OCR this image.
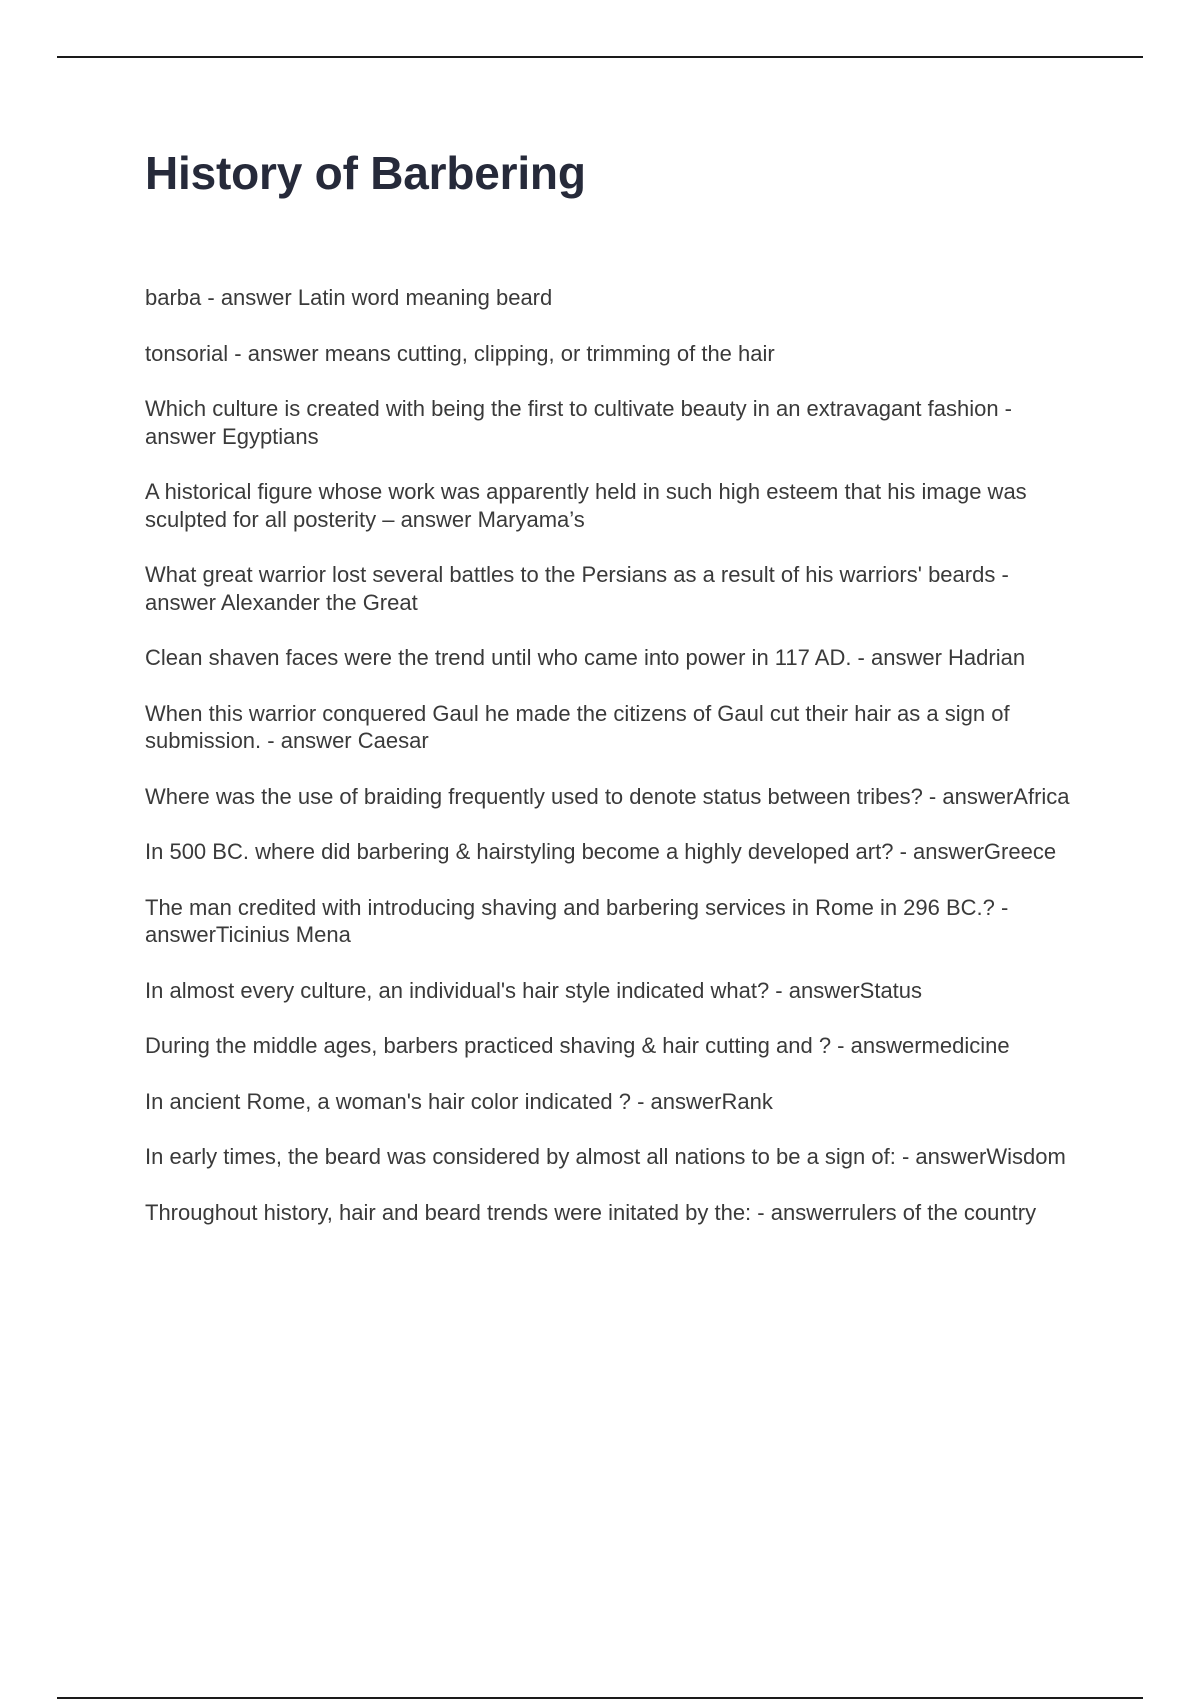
History of Barbering
barba - answer Latin word meaning beard
tonsorial - answer means cutting, clipping, or trimming of the hair
Which culture is created with being the first to cultivate beauty in an extravagant fashion - answer Egyptians
A historical figure whose work was apparently held in such high esteem that his image was sculpted for all posterity – answer Maryama’s
What great warrior lost several battles to the Persians as a result of his warriors' beards - answer Alexander the Great
Clean shaven faces were the trend until who came into power in 117 AD. - answer Hadrian
When this warrior conquered Gaul he made the citizens of Gaul cut their hair as a sign of submission. - answer Caesar
Where was the use of braiding frequently used to denote status between tribes? - answerAfrica
In 500 BC. where did barbering & hairstyling become a highly developed art? - answerGreece
The man credited with introducing shaving and barbering services in Rome in 296 BC.? - answerTicinius Mena
In almost every culture, an individual's hair style indicated what? - answerStatus
During the middle ages, barbers practiced shaving & hair cutting and ? - answermedicine
In ancient Rome, a woman's hair color indicated ? - answerRank
In early times, the beard was considered by almost all nations to be a sign of: - answerWisdom
Throughout history, hair and beard trends were initated by the: - answerrulers of the country
